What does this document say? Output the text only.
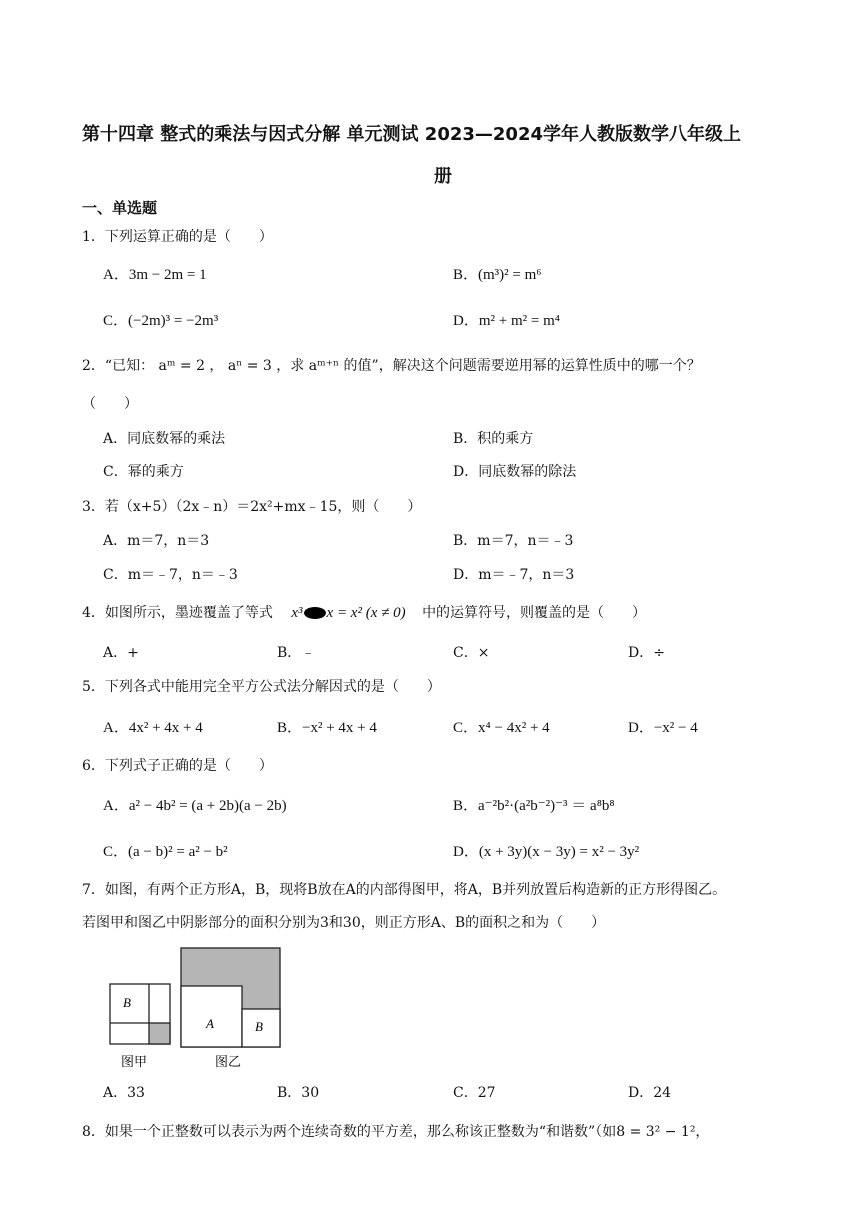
第十四章 整式的乘法与因式分解 单元测试 2023—2024学年人教版数学八年级上
册
一、单选题
1．下列运算正确的是（　　）
A．3m − 2m = 1	B．(m³)² = m⁶
C．(−2m)³ = −2m³	D．m² + m² = m⁴
2．“已知： aᵐ = 2 ， aⁿ = 3 ，求 aᵐ⁺ⁿ 的值”，解决这个问题需要逆用幂的运算性质中的哪一个？
（　　）
A．同底数幂的乘法	B．积的乘方
C．幂的乘方	D．同底数幂的除法
3．若（x+5）（2x﹣n）＝2x²+mx﹣15，则（　　）
A．m＝7，n＝3	B．m＝7，n＝﹣3
C．m＝﹣7，n＝﹣3	D．m＝﹣7，n＝3
4．如图所示，墨迹覆盖了等式 x³ x = x² (x ≠ 0) 中的运算符号，则覆盖的是（　　）
A．+	B．﹣	C．×	D．÷
5．下列各式中能用完全平方公式法分解因式的是（　　）
A．4x² + 4x + 4	B．−x² + 4x + 4	C．x⁴ − 4x² + 4	D．−x² − 4
6．下列式子正确的是（　　）
A．a² − 4b² = (a + 2b)(a − 2b)	B．a⁻²b²·(a²b⁻²)⁻³ ＝ a⁸b⁸
C．(a − b)² = a² − b²	D．(x + 3y)(x − 3y) = x² − 3y²
7．如图，有两个正方形A，B，现将B放在A的内部得图甲，将A，B并列放置后构造新的正方形得图乙。
若图甲和图乙中阴影部分的面积分别为3和30，则正方形A、B的面积之和为（　　）
B
A	B
图甲	图乙
A．33	B．30	C．27	D．24
8．如果一个正整数可以表示为两个连续奇数的平方差，那么称该正整数为“和谐数”（如8 = 3² − 1²，
